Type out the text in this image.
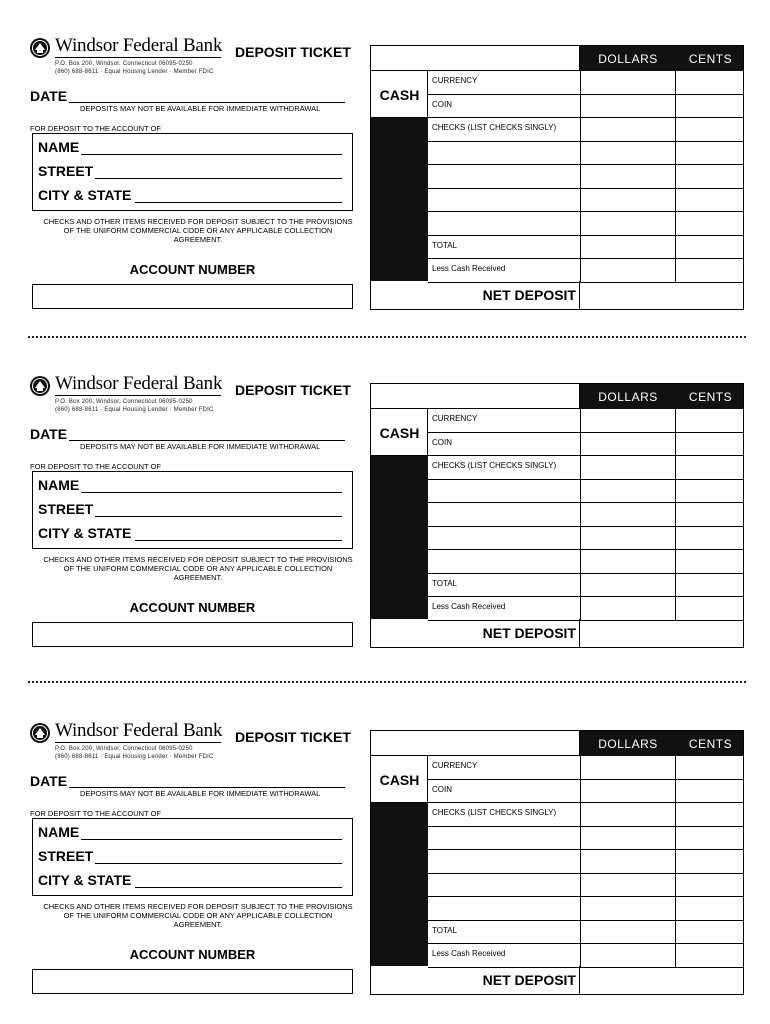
Windsor Federal Bank
P.O. Box 200, Windsor, Connecticut 06095-0250
(860) 688-8611 · Equal Housing Lender · Member FDIC
DEPOSIT TICKET
DATE
DEPOSITS MAY NOT BE AVAILABLE FOR IMMEDIATE WITHDRAWAL
FOR DEPOSIT TO THE ACCOUNT OF
NAME
STREET
CITY & STATE
CHECKS AND OTHER ITEMS RECEIVED FOR DEPOSIT SUBJECT TO THE PROVISIONS OF THE UNIFORM COMMERCIAL CODE OR ANY APPLICABLE COLLECTION AGREEMENT.
ACCOUNT NUMBER
DOLLARS	CENTS
CASH
CURRENCY
COIN
CHECKS (LIST CHECKS SINGLY)
TOTAL
Less Cash Received
NET DEPOSIT
Windsor Federal Bank
P.O. Box 200, Windsor, Connecticut 06095-0250
(860) 688-8611 · Equal Housing Lender · Member FDIC
DEPOSIT TICKET
DATE
DEPOSITS MAY NOT BE AVAILABLE FOR IMMEDIATE WITHDRAWAL
FOR DEPOSIT TO THE ACCOUNT OF
NAME
STREET
CITY & STATE
CHECKS AND OTHER ITEMS RECEIVED FOR DEPOSIT SUBJECT TO THE PROVISIONS OF THE UNIFORM COMMERCIAL CODE OR ANY APPLICABLE COLLECTION AGREEMENT.
ACCOUNT NUMBER
DOLLARS	CENTS
CASH
CURRENCY
COIN
CHECKS (LIST CHECKS SINGLY)
TOTAL
Less Cash Received
NET DEPOSIT
Windsor Federal Bank
P.O. Box 200, Windsor, Connecticut 06095-0250
(860) 688-8611 · Equal Housing Lender · Member FDIC
DEPOSIT TICKET
DATE
DEPOSITS MAY NOT BE AVAILABLE FOR IMMEDIATE WITHDRAWAL
FOR DEPOSIT TO THE ACCOUNT OF
NAME
STREET
CITY & STATE
CHECKS AND OTHER ITEMS RECEIVED FOR DEPOSIT SUBJECT TO THE PROVISIONS OF THE UNIFORM COMMERCIAL CODE OR ANY APPLICABLE COLLECTION AGREEMENT.
ACCOUNT NUMBER
DOLLARS	CENTS
CASH
CURRENCY
COIN
CHECKS (LIST CHECKS SINGLY)
TOTAL
Less Cash Received
NET DEPOSIT
